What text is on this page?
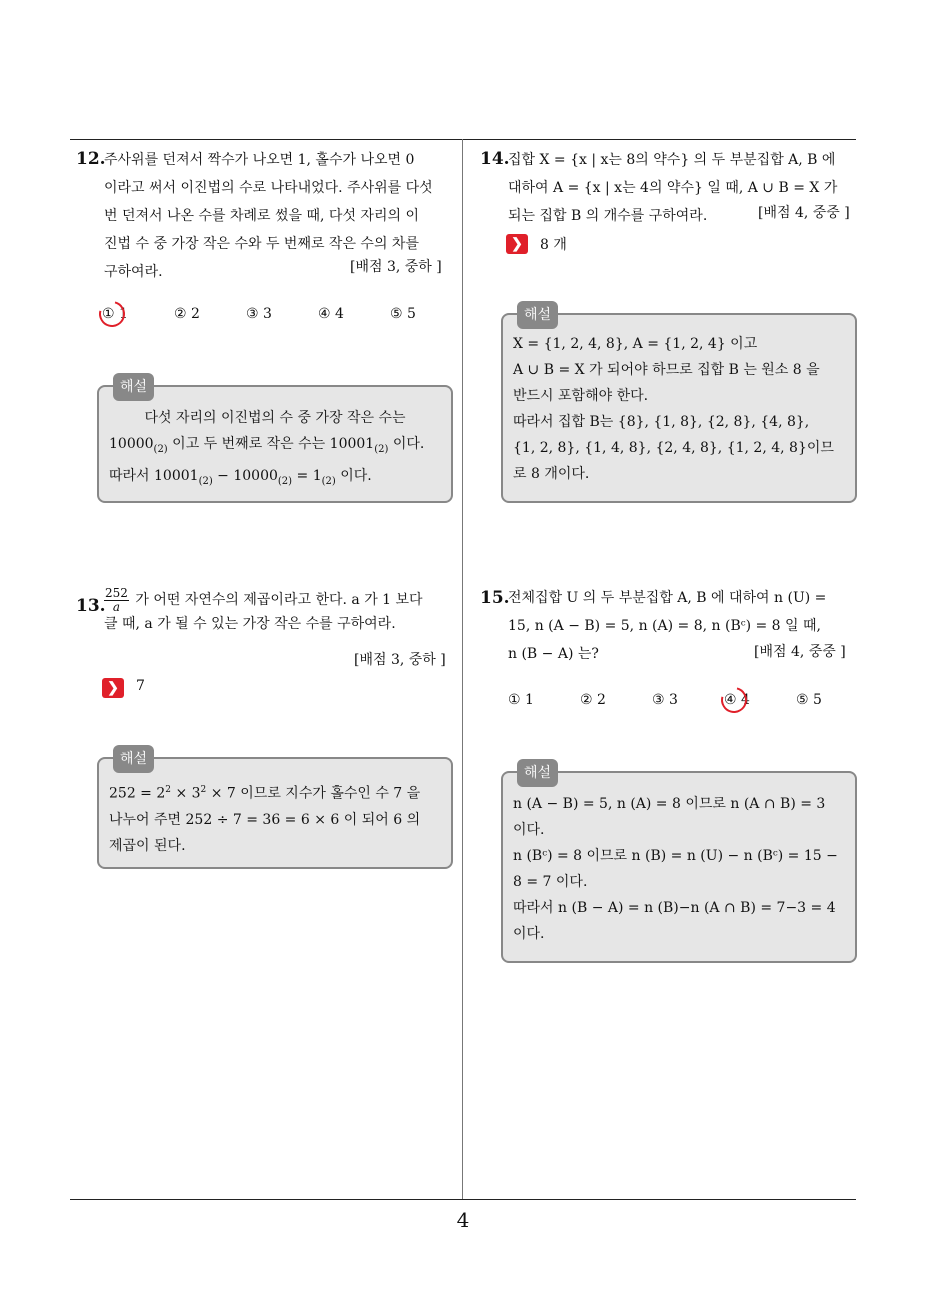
4
12.
주사위를 던져서 짝수가 나오면 1, 홀수가 나오면 0
이라고 써서 이진법의 수로 나타내었다. 주사위를 다섯
번 던져서 나온 수를 차례로 썼을 때, 다섯 자리의 이
진법 수 중 가장 작은 수와 두 번째로 작은 수의 차를
구하여라.	[배점 3, 중하 ]
① 1	② 2	③ 3	④ 4	⑤ 5
해설
다섯 자리의 이진법의 수 중 가장 작은 수는
$10000_{(2)}$ 이고 두 번째로 작은 수는 $10001_{(2)}$ 이다.
따라서 $10001_{(2)} - 10000_{(2)} = 1_{(2)}$ 이다.
13.
$\frac{252}{a}$ 가 어떤 자연수의 제곱이라고 한다. a 가 1 보다
클 때, a 가 될 수 있는 가장 작은 수를 구하여라.
[배점 3, 중하 ]
❯	7
해설
$252 = 2^2 \times 3^2 \times 7$ 이므로 지수가 홀수인 수 7 을
나누어 주면 252 ÷ 7 = 36 = 6 × 6 이 되어 6 의
제곱이 된다.
14.
집합 X = {x | x는 8의 약수} 의 두 부분집합 A, B 에
대하여 A = {x | x는 4의 약수} 일 때, A ∪ B = X 가
되는 집합 B 의 개수를 구하여라.	[배점 4, 중중 ]
❯	8 개
해설
X = {1, 2, 4, 8}, A = {1, 2, 4} 이고
A ∪ B = X 가 되어야 하므로 집합 B 는 원소 8 을
반드시 포함해야 한다.
따라서 집합 B는 {8}, {1, 8}, {2, 8}, {4, 8},
{1, 2, 8}, {1, 4, 8}, {2, 4, 8}, {1, 2, 4, 8}이므
로 8 개이다.
15.
전체집합 U 의 두 부분집합 A, B 에 대하여 n (U) =
15, n (A − B) = 5, n (A) = 8, n (Bᶜ) = 8 일 때,
n (B − A) 는?	[배점 4, 중중 ]
① 1	② 2	③ 3	④ 4	⑤ 5
해설
n (A − B) = 5, n (A) = 8 이므로 n (A ∩ B) = 3
이다.
n (Bᶜ) = 8 이므로 n (B) = n (U) − n (Bᶜ) = 15 −
8 = 7 이다.
따라서 n (B − A) = n (B)−n (A ∩ B) = 7−3 = 4
이다.
